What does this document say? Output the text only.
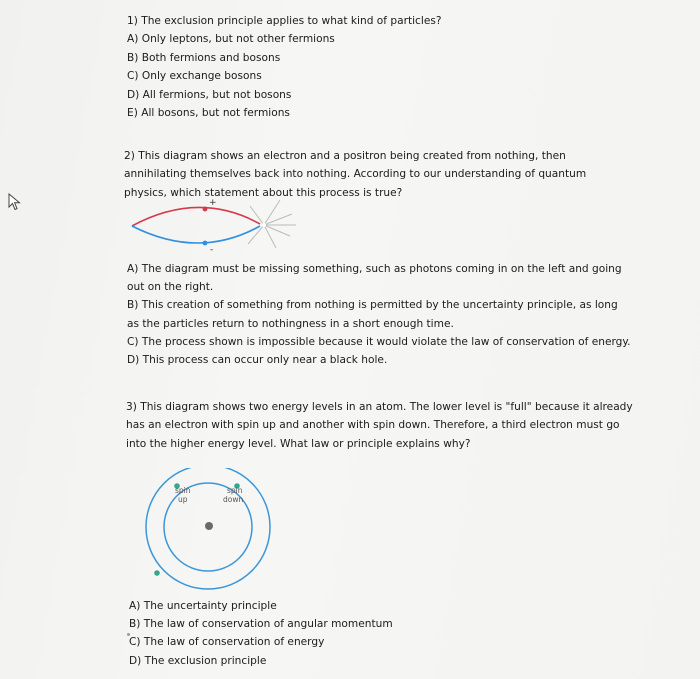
1) The exclusion principle applies to what kind of particles?

A) Only leptons, but not other fermions

B) Both fermions and bosons

C) Only exchange bosons

D) All fermions, but not bosons

E) All bosons, but not fermions

2) This diagram shows an electron and a positron being created from nothing, then

annihilating themselves back into nothing. According to our understanding of quantum

physics, which statement about this process is true?

+
-

A) The diagram must be missing something, such as photons coming in on the left and going

out on the right.

B) This creation of something from nothing is permitted by the uncertainty principle, as long

as the particles return to nothingness in a short enough time.

C) The process shown is impossible because it would violate the law of conservation of energy.

D) This process can occur only near a black hole.

3) This diagram shows two energy levels in an atom. The lower level is "full" because it already

has an electron with spin up and another with spin down. Therefore, a third electron must go

into the higher energy level. What law or principle explains why?

spin
up
spin
down

A) The uncertainty principle

B) The law of conservation of angular momentum

C) The law of conservation of energy

D) The exclusion principle
